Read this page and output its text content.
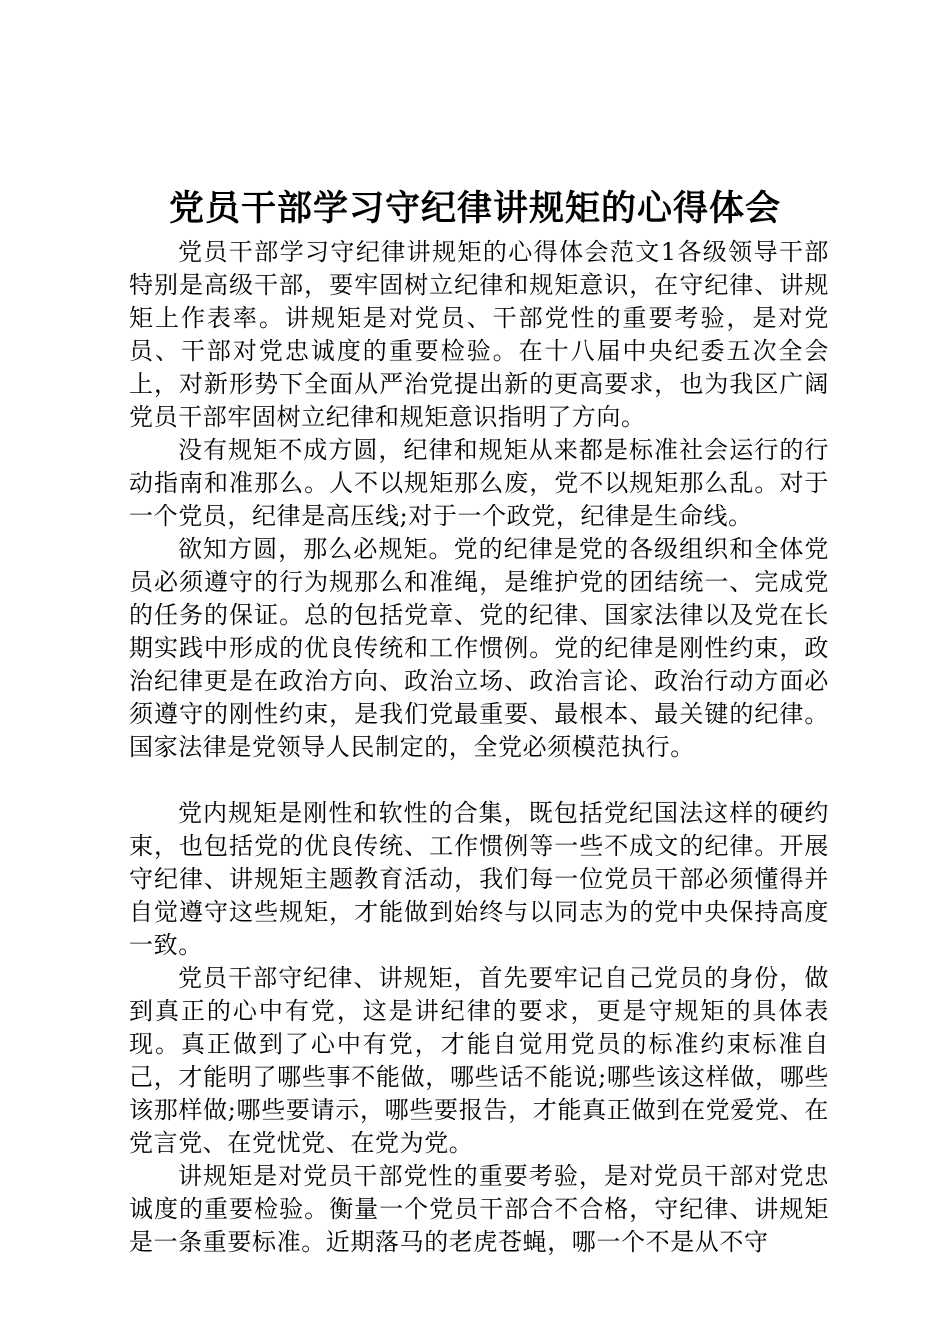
党员干部学习守纪律讲规矩的心得体会

党员干部学习守纪律讲规矩的心得体会范文1各级领导干部特别是高级干部，要牢固树立纪律和规矩意识，在守纪律、讲规矩上作表率。讲规矩是对党员、干部党性的重要考验，是对党员、干部对党忠诚度的重要检验。在十八届中央纪委五次全会上，对新形势下全面从严治党提出新的更高要求，也为我区广阔党员干部牢固树立纪律和规矩意识指明了方向。

没有规矩不成方圆，纪律和规矩从来都是标准社会运行的行动指南和准那么。人不以规矩那么废，党不以规矩那么乱。对于一个党员，纪律是高压线;对于一个政党，纪律是生命线。

欲知方圆，那么必规矩。党的纪律是党的各级组织和全体党员必须遵守的行为规那么和准绳，是维护党的团结统一、完成党的任务的保证。总的包括党章、党的纪律、国家法律以及党在长期实践中形成的优良传统和工作惯例。党的纪律是刚性约束，政治纪律更是在政治方向、政治立场、政治言论、政治行动方面必须遵守的刚性约束，是我们党最重要、最根本、最关键的纪律。国家法律是党领导人民制定的，全党必须模范执行。

党内规矩是刚性和软性的合集，既包括党纪国法这样的硬约束，也包括党的优良传统、工作惯例等一些不成文的纪律。开展守纪律、讲规矩主题教育活动，我们每一位党员干部必须懂得并自觉遵守这些规矩，才能做到始终与以同志为的党中央保持高度一致。

党员干部守纪律、讲规矩，首先要牢记自己党员的身份，做到真正的心中有党，这是讲纪律的要求，更是守规矩的具体表现。真正做到了心中有党，才能自觉用党员的标准约束标准自己，才能明了哪些事不能做，哪些话不能说;哪些该这样做，哪些该那样做;哪些要请示，哪些要报告，才能真正做到在党爱党、在党言党、在党忧党、在党为党。

讲规矩是对党员干部党性的重要考验，是对党员干部对党忠诚度的重要检验。衡量一个党员干部合不合格，守纪律、讲规矩是一条重要标准。近期落马的老虎苍蝇，哪一个不是从不守
